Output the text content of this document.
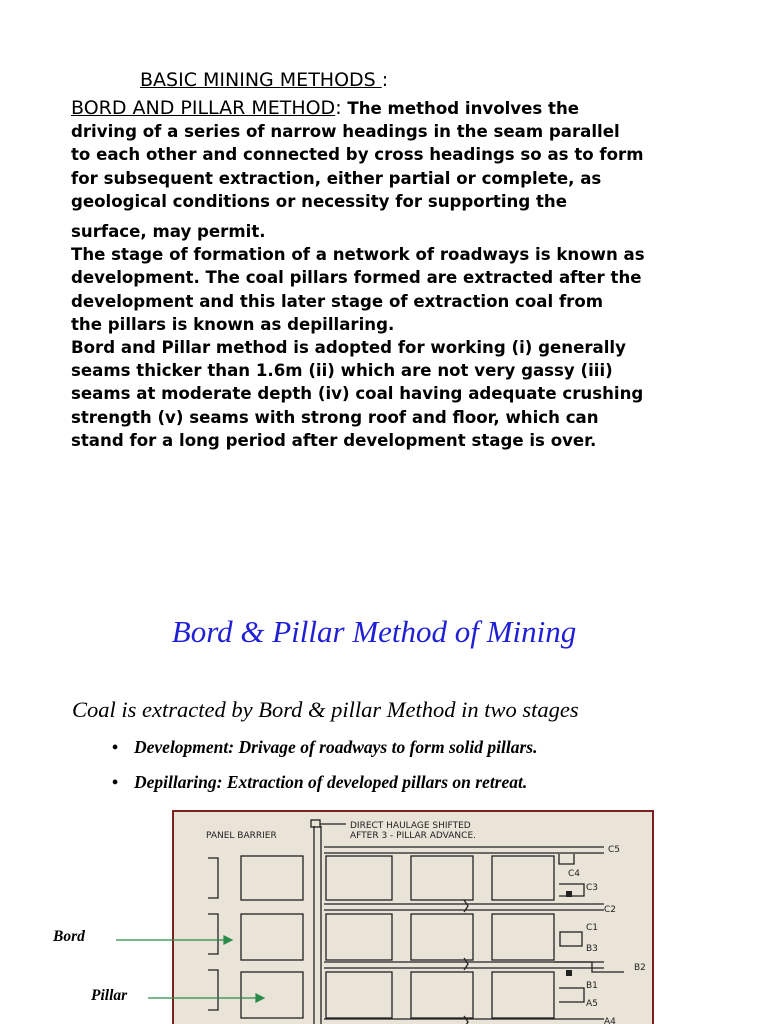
BASIC MINING METHODS :
BORD AND PILLAR METHOD: The method involves the
driving of a series of narrow headings in the seam parallel
to each other and connected by cross headings so as to form
for subsequent extraction, either partial or complete, as
geological conditions or necessity for supporting the
surface, may permit.
The stage of formation of a network of roadways is known as
development. The coal pillars formed are extracted after the
development and this later stage of extraction coal from
the pillars is known as depillaring.
Bord and Pillar method is adopted for working (i) generally
seams thicker than 1.6m (ii) which are not very gassy (iii)
seams at moderate depth (iv) coal having adequate crushing
strength (v) seams with strong roof and floor, which can
stand for a long period after development stage is over.
Bord & Pillar Method of Mining
Coal is extracted by Bord & pillar Method in two stages
• Development: Drivage of roadways to form solid pillars.
• Depillaring: Extraction of developed pillars on retreat.
PANEL BARRIER
DIRECT HAULAGE SHIFTED
AFTER 3 - PILLAR ADVANCE.
C5
C4
C3
C2
C1
B3
B2
B1
A5
A4
Bord
Pillar
